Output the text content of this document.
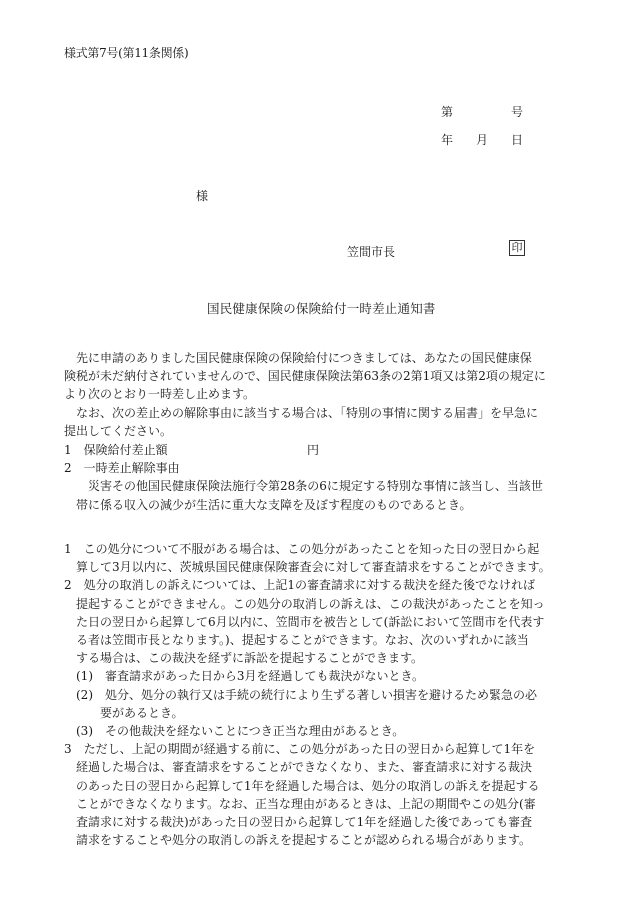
様式第7号(第11条関係)
第	号
年 月 日
様
笠間市長	印
国民健康保険の保険給付一時差止通知書

　先に申請のありました国民健康保険の保険給付につきましては、あなたの国民健康保

険税が未だ納付されていませんので、国民健康保険法第63条の2第1項又は第2項の規定に

より次のとおり一時差し止めます。

　なお、次の差止めの解除事由に該当する場合は、「特別の事情に関する届書」を早急に

提出してください。

1　保険給付差止額	円

2　一時差止解除事由

　　災害その他国民健康保険法施行令第28条の6に規定する特別な事情に該当し、当該世

　帯に係る収入の減少が生活に重大な支障を及ぼす程度のものであるとき。

1　この処分について不服がある場合は、この処分があったことを知った日の翌日から起

　算して3月以内に、茨城県国民健康保険審査会に対して審査請求をすることができます。

2　処分の取消しの訴えについては、上記1の審査請求に対する裁決を経た後でなければ

　提起することができません。この処分の取消しの訴えは、この裁決があったことを知っ

　た日の翌日から起算して6月以内に、笠間市を被告として(訴訟において笠間市を代表す

　る者は笠間市長となります。)、提起することができます。なお、次のいずれかに該当

　する場合は、この裁決を経ずに訴訟を提起することができます。

　(1)　審査請求があった日から3月を経過しても裁決がないとき。

　(2)　処分、処分の執行又は手続の続行により生ずる著しい損害を避けるため緊急の必

　　　要があるとき。

　(3)　その他裁決を経ないことにつき正当な理由があるとき。

3　ただし、上記の期間が経過する前に、この処分があった日の翌日から起算して1年を

　経過した場合は、審査請求をすることができなくなり、また、審査請求に対する裁決

　のあった日の翌日から起算して1年を経過した場合は、処分の取消しの訴えを提起する

　ことができなくなります。なお、正当な理由があるときは、上記の期間やこの処分(審

　査請求に対する裁決)があった日の翌日から起算して1年を経過した後であっても審査

　請求をすることや処分の取消しの訴えを提起することが認められる場合があります。
